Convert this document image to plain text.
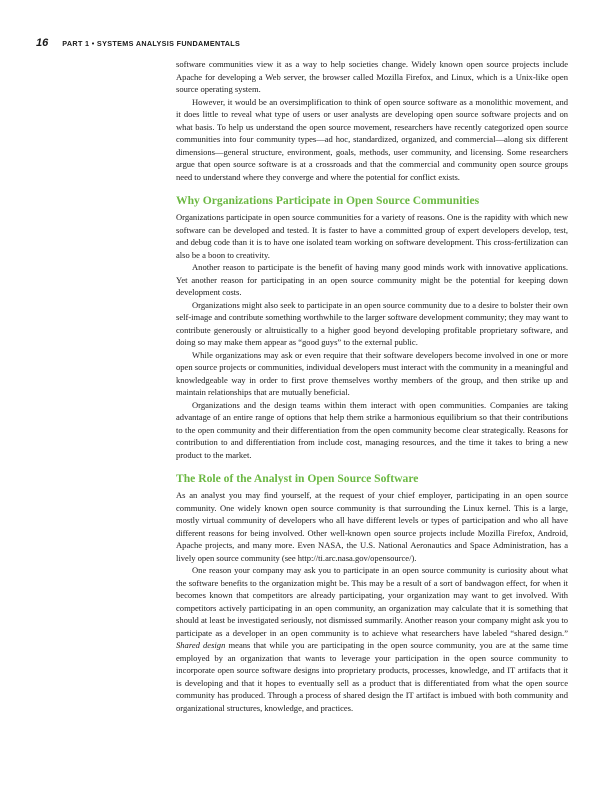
16 PART 1 • SYSTEMS ANALYSIS FUNDAMENTALS

software communities view it as a way to help societies change. Widely known open source projects include Apache for developing a Web server, the browser called Mozilla Firefox, and Linux, which is a Unix-like open source operating system.

However, it would be an oversimplification to think of open source software as a monolithic movement, and it does little to reveal what type of users or user analysts are developing open source software projects and on what basis. To help us understand the open source movement, researchers have recently categorized open source communities into four community types—ad hoc, standardized, organized, and commercial—along six different dimensions—general structure, environment, goals, methods, user community, and licensing. Some researchers argue that open source software is at a crossroads and that the commercial and community open source groups need to understand where they converge and where the potential for conflict exists.

Why Organizations Participate in Open Source Communities

Organizations participate in open source communities for a variety of reasons. One is the rapidity with which new software can be developed and tested. It is faster to have a committed group of expert developers develop, test, and debug code than it is to have one isolated team working on software development. This cross-fertilization can also be a boon to creativity.

Another reason to participate is the benefit of having many good minds work with innovative applications. Yet another reason for participating in an open source community might be the potential for keeping down development costs.

Organizations might also seek to participate in an open source community due to a desire to bolster their own self-image and contribute something worthwhile to the larger software development community; they may want to contribute generously or altruistically to a higher good beyond developing profitable proprietary software, and doing so may make them appear as “good guys” to the external public.

While organizations may ask or even require that their software developers become involved in one or more open source projects or communities, individual developers must interact with the community in a meaningful and knowledgeable way in order to first prove themselves worthy members of the group, and then strike up and maintain relationships that are mutually beneficial.

Organizations and the design teams within them interact with open communities. Companies are taking advantage of an entire range of options that help them strike a harmonious equilibrium so that their contributions to the open community and their differentiation from the open community become clear strategically. Reasons for contribution to and differentiation from include cost, managing resources, and the time it takes to bring a new product to the market.

The Role of the Analyst in Open Source Software

As an analyst you may find yourself, at the request of your chief employer, participating in an open source community. One widely known open source community is that surrounding the Linux kernel. This is a large, mostly virtual community of developers who all have different levels or types of participation and who all have different reasons for being involved. Other well-known open source projects include Mozilla Firefox, Android, Apache projects, and many more. Even NASA, the U.S. National Aeronautics and Space Administration, has a lively open source community (see http://ti.arc.nasa.gov/opensource/).

One reason your company may ask you to participate in an open source community is curiosity about what the software benefits to the organization might be. This may be a result of a sort of bandwagon effect, for when it becomes known that competitors are already participating, your organization may want to get involved. With competitors actively participating in an open community, an organization may calculate that it is something that should at least be investigated seriously, not dismissed summarily. Another reason your company might ask you to participate as a developer in an open community is to achieve what researchers have labeled “shared design.” Shared design means that while you are participating in the open source community, you are at the same time employed by an organization that wants to leverage your participation in the open source community to incorporate open source software designs into proprietary products, processes, knowledge, and IT artifacts that it is developing and that it hopes to eventually sell as a product that is differentiated from what the open source community has produced. Through a process of shared design the IT artifact is imbued with both community and organizational structures, knowledge, and practices.
